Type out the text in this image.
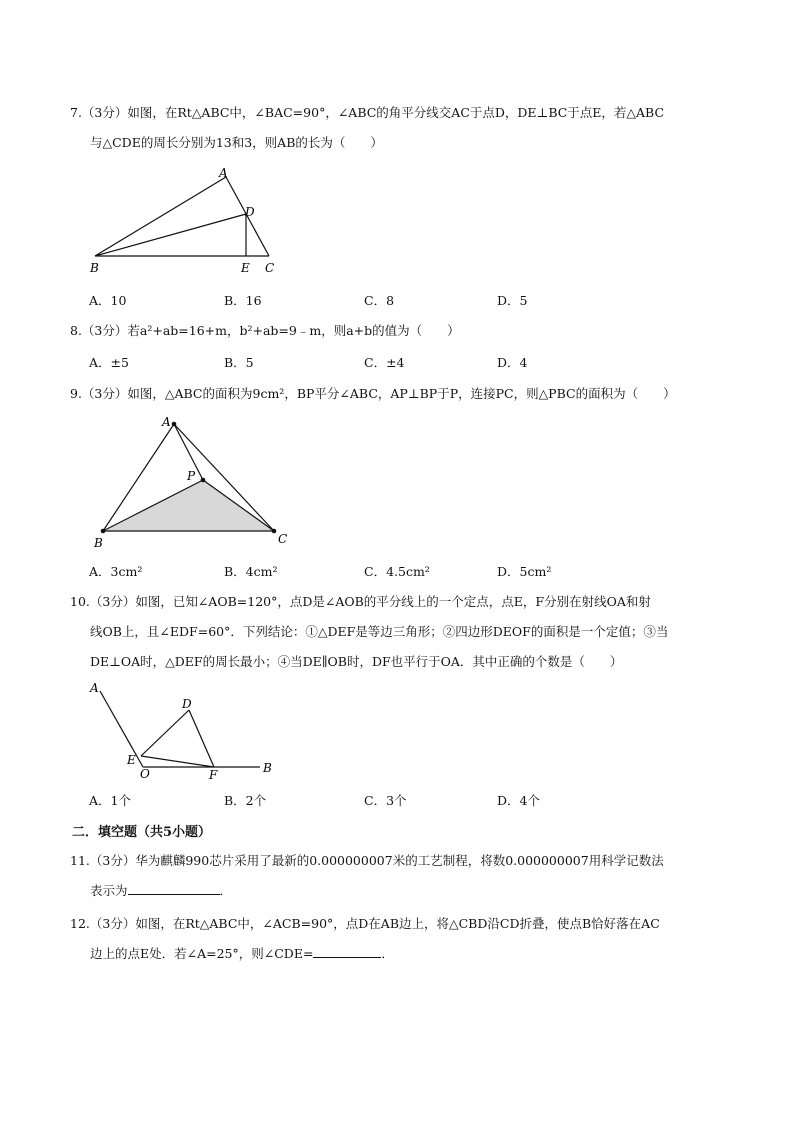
7.（3分）如图，在Rt△ABC中，∠BAC=90°，∠ABC的角平分线交AC于点D，DE⊥BC于点E，若△ABC
与△CDE的周长分别为13和3，则AB的长为（　　）
A
D
B	E C
A．10	B．16	C．8	D．5
8.（3分）若a²+ab=16+m，b²+ab=9﹣m，则a+b的值为（　　）
A．±5	B．5	C．±4	D．4
9.（3分）如图，△ABC的面积为9cm²，BP平分∠ABC，AP⊥BP于P，连接PC，则△PBC的面积为（　　）
A
P
B	C
A．3cm²	B．4cm²	C．4.5cm²	D．5cm²
10.（3分）如图，已知∠AOB=120°，点D是∠AOB的平分线上的一个定点，点E，F分别在射线OA和射
线OB上，且∠EDF=60°．下列结论：①△DEF是等边三角形；②四边形DEOF的面积是一个定值；③当
DE⊥OA时，△DEF的周长最小；④当DE∥OB时，DF也平行于OA．其中正确的个数是（　　）
A
D
E
O	F	B
A．1个	B．2个	C．3个	D．4个
二．填空题（共5小题）
11.（3分）华为麒麟990芯片采用了最新的0.000000007米的工艺制程，将数0.000000007用科学记数法
表示为	．
12.（3分）如图，在Rt△ABC中，∠ACB=90°，点D在AB边上，将△CBD沿CD折叠，使点B恰好落在AC
边上的点E处．若∠A=25°，则∠CDE=	．
